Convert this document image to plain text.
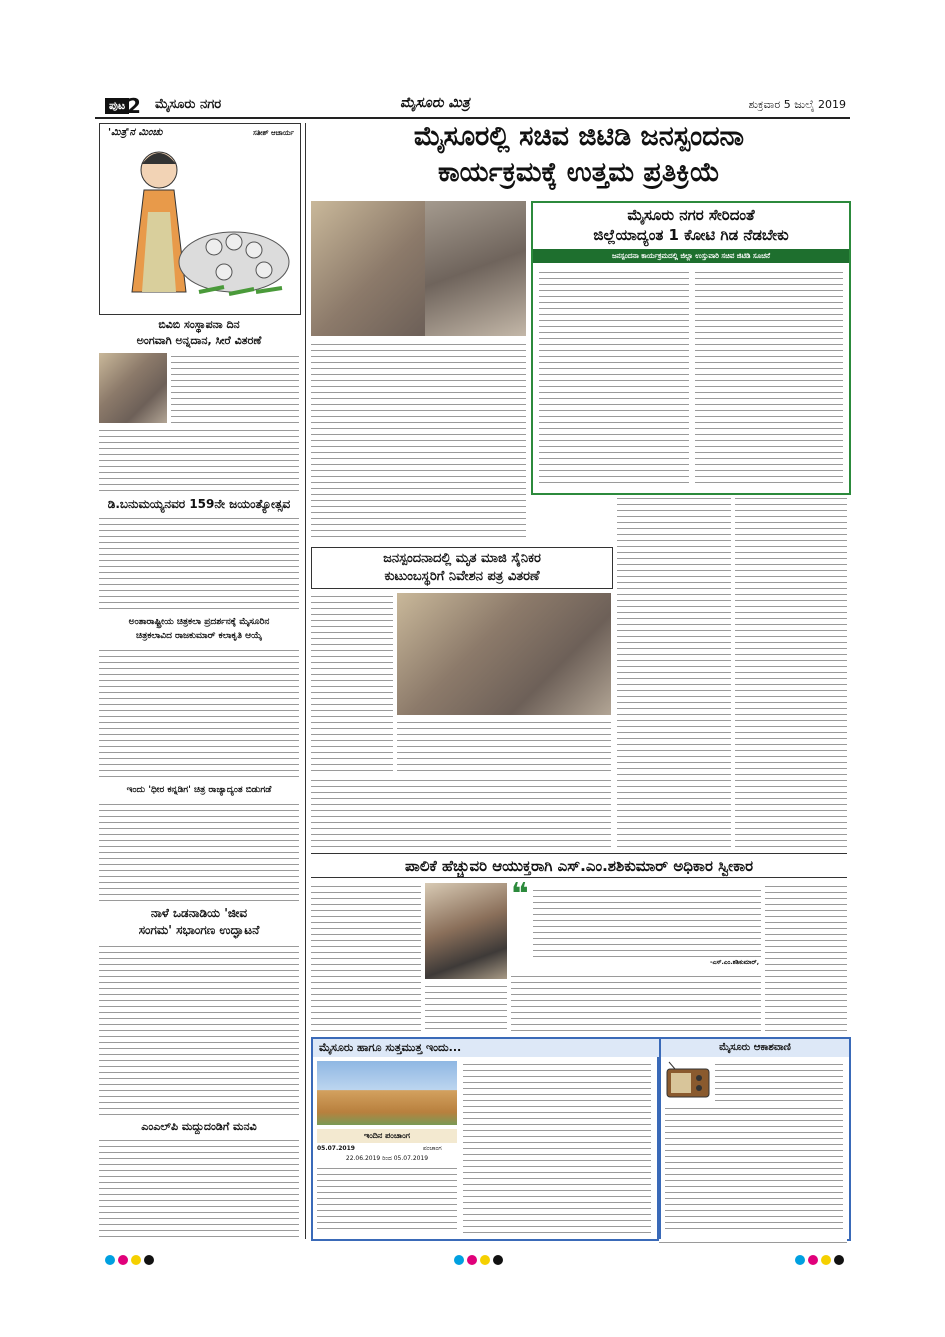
ಪುಟ 2 ಮೈಸೂರು ನಗರ	ಮೈಸೂರು ಮಿತ್ರ	ಶುಕ್ರವಾರ 5 ಜುಲೈ 2019
'ಮಿತ್ರ'ನ ಮಿಂಚು	ಸತೀಶ್ ಆಚಾರ್ಯ
ಬಿವಿಬಿ ಸಂಸ್ಥಾಪನಾ ದಿನ
ಅಂಗವಾಗಿ ಅನ್ನದಾನ, ಸೀರೆ ವಿತರಣೆ
ಡಿ.ಬನುಮಯ್ಯನವರ 159ನೇ ಜಯಂತ್ಯೋತ್ಸವ
ಅಂತಾರಾಷ್ಟ್ರೀಯ ಚಿತ್ರಕಲಾ ಪ್ರದರ್ಶನಕ್ಕೆ ಮೈಸೂರಿನ
ಚಿತ್ರಕಲಾವಿದ ರಾಜಕುಮಾರ್ ಕಲಾಕೃತಿ ಆಯ್ಕೆ
ಇಂದು 'ಧೀರ ಕನ್ನಡಿಗ' ಚಿತ್ರ ರಾಜ್ಯಾದ್ಯಂತ ಬಿಡುಗಡೆ
ನಾಳೆ ಒಡನಾಡಿಯ 'ಜೀವ
ಸಂಗಮ' ಸಭಾಂಗಣ ಉದ್ಘಾಟನೆ
ಎಂಎಲ್‌ಪಿ ಮದ್ದುದಂಡಿಗೆ ಮನವಿ
ಮೈಸೂರಲ್ಲಿ ಸಚಿವ ಜಿಟಿಡಿ ಜನಸ್ಪಂದನಾ
ಕಾರ್ಯಕ್ರಮಕ್ಕೆ ಉತ್ತಮ ಪ್ರತಿಕ್ರಿಯೆ
ಮೈಸೂರು ನಗರ ಸೇರಿದಂತೆ
ಜಿಲ್ಲೆಯಾದ್ಯಂತ 1 ಕೋಟಿ ಗಿಡ ನೆಡಬೇಕು
ಜನಸ್ಪಂದನಾ ಕಾರ್ಯಕ್ರಮದಲ್ಲಿ ಜಿಲ್ಲಾ ಉಸ್ತುವಾರಿ ಸಚಿವ ಜಿಟಿಡಿ ಸೂಚನೆ
ಜನಸ್ಪಂದನಾದಲ್ಲಿ ಮೃತ ಮಾಜಿ ಸೈನಿಕರ
ಕುಟುಂಬಸ್ಥರಿಗೆ ನಿವೇಶನ ಪತ್ರ ವಿತರಣೆ
ಪಾಲಿಕೆ ಹೆಚ್ಚುವರಿ ಆಯುಕ್ತರಾಗಿ ಎಸ್.ಎಂ.ಶಶಿಕುಮಾರ್ ಅಧಿಕಾರ ಸ್ವೀಕಾರ
❝
-ಎಸ್.ಎಂ.ಶಶಿಕುಮಾರ್,
ಮೈಸೂರು ಹಾಗೂ ಸುತ್ತಮುತ್ತ ಇಂದು...
ಇಂದಿನ ಪಂಚಾಂಗ
05.07.2019	ಪಂಚಾಂಗ
22.06.2019 ರಿಂದ 05.07.2019
ಮೈಸೂರು ಆಕಾಶವಾಣಿ
